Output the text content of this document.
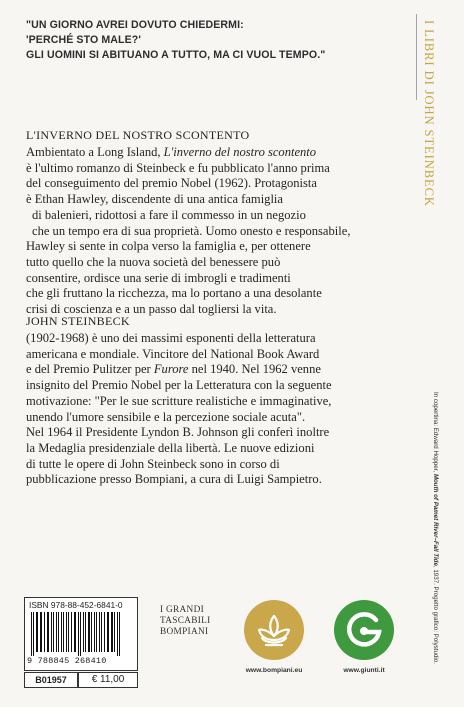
"UN GIORNO AVREI DOVUTO CHIEDERMI:
'PERCHÉ STO MALE?'
GLI UOMINI SI ABITUANO A TUTTO, MA CI VUOL TEMPO."	I LIBRI DI JOHN STEINBECK
In copertina: Edward Hopper, Mouth of Pamet River–Fall Tide, 1937. Progetto grafico: Polystudio.
L'INVERNO DEL NOSTRO SCONTENTO
Ambientato a Long Island, L'inverno del nostro scontento
è l'ultimo romanzo di Steinbeck e fu pubblicato l'anno prima
del conseguimento del premio Nobel (1962). Protagonista
è Ethan Hawley, discendente di una antica famiglia
di balenieri, ridottosi a fare il commesso in un negozio
che un tempo era di sua proprietà. Uomo onesto e responsabile,
Hawley si sente in colpa verso la famiglia e, per ottenere
tutto quello che la nuova società del benessere può
consentire, ordisce una serie di imbrogli e tradimenti
che gli fruttano la ricchezza, ma lo portano a una desolante
crisi di coscienza e a un passo dal togliersi la vita.
JOHN STEINBECK
(1902-1968) è uno dei massimi esponenti della letteratura
americana e mondiale. Vincitore del National Book Award
e del Premio Pulitzer per Furore nel 1940. Nel 1962 venne
insignito del Premio Nobel per la Letteratura con la seguente
motivazione: "Per le sue scritture realistiche e immaginative,
unendo l'umore sensibile e la percezione sociale acuta".
Nel 1964 il Presidente Lyndon B. Johnson gli conferì inoltre
la Medaglia presidenziale della libertà. Le nuove edizioni
di tutte le opere di John Steinbeck sono in corso di
pubblicazione presso Bompiani, a cura di Luigi Sampietro.
ISBN 978-88-452-6841-0
9 788845 268410
B01957	€ 11,00
I GRANDI
TASCABILI
BOMPIANI
www.bompiani.eu	www.giunti.it
